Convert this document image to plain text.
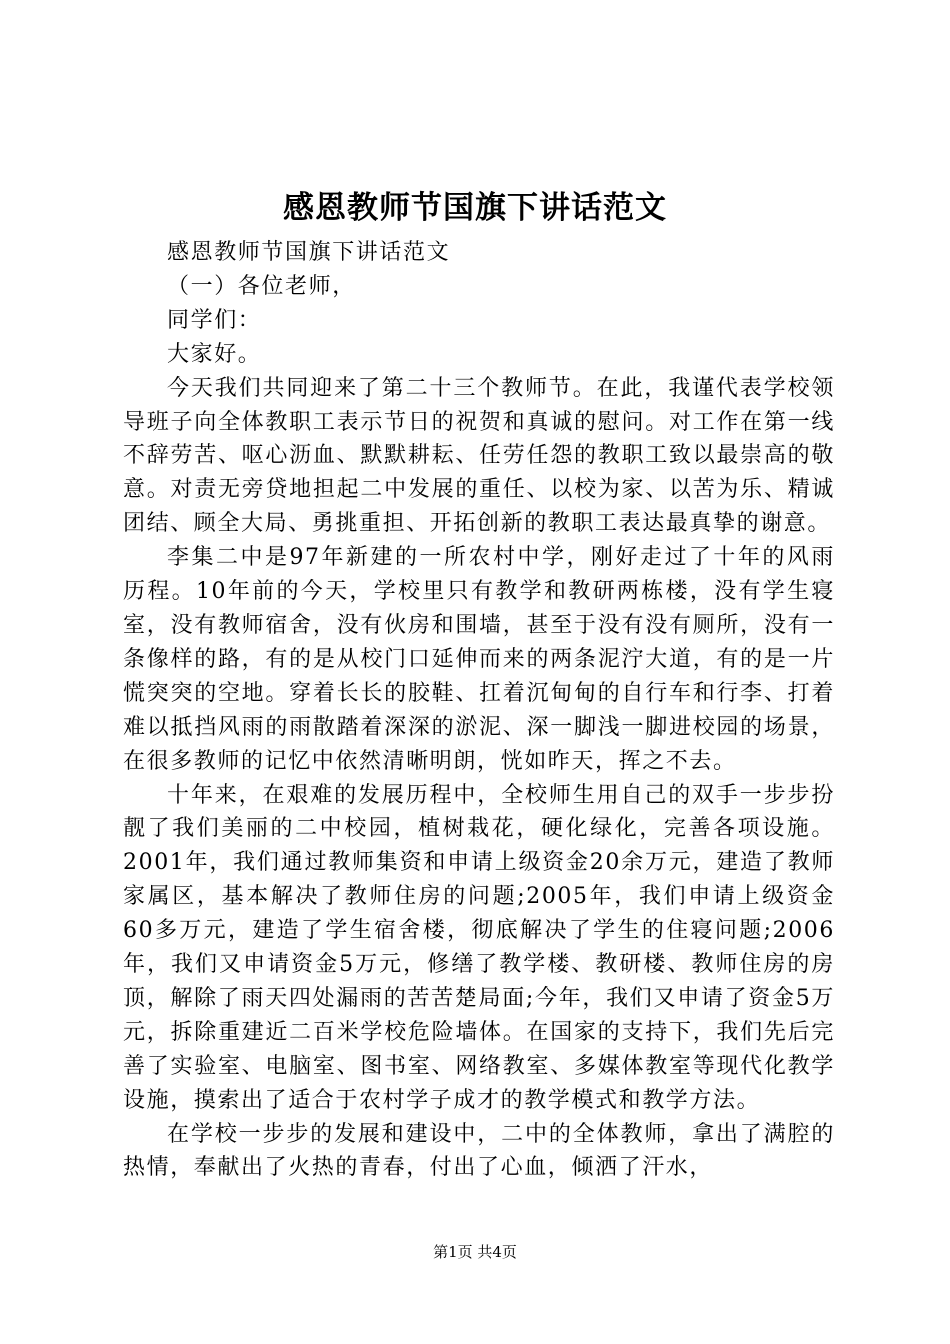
感恩教师节国旗下讲话范文

感恩教师节国旗下讲话范文

（一）各位老师，

同学们：

大家好。

今天我们共同迎来了第二十三个教师节。在此，我谨代表学校领导班子向全体教职工表示节日的祝贺和真诚的慰问。对工作在第一线不辞劳苦、呕心沥血、默默耕耘、任劳任怨的教职工致以最崇高的敬意。对责无旁贷地担起二中发展的重任、以校为家、以苦为乐、精诚团结、顾全大局、勇挑重担、开拓创新的教职工表达最真挚的谢意。

李集二中是97年新建的一所农村中学，刚好走过了十年的风雨历程。10年前的今天，学校里只有教学和教研两栋楼，没有学生寝室，没有教师宿舍，没有伙房和围墙，甚至于没有没有厕所，没有一条像样的路，有的是从校门口延伸而来的两条泥泞大道，有的是一片慌突突的空地。穿着长长的胶鞋、扛着沉甸甸的自行车和行李、打着难以抵挡风雨的雨散踏着深深的淤泥、深一脚浅一脚进校园的场景，在很多教师的记忆中依然清晰明朗，恍如昨天，挥之不去。

十年来，在艰难的发展历程中，全校师生用自己的双手一步步扮靓了我们美丽的二中校园，植树栽花，硬化绿化，完善各项设施。2001年，我们通过教师集资和申请上级资金20余万元，建造了教师家属区，基本解决了教师住房的问题;2005年，我们申请上级资金60多万元，建造了学生宿舍楼，彻底解决了学生的住寝问题;2006年，我们又申请资金5万元，修缮了教学楼、教研楼、教师住房的房顶，解除了雨天四处漏雨的苦苦楚局面;今年，我们又申请了资金5万元，拆除重建近二百米学校危险墙体。在国家的支持下，我们先后完善了实验室、电脑室、图书室、网络教室、多媒体教室等现代化教学设施，摸索出了适合于农村学子成才的教学模式和教学方法。

在学校一步步的发展和建设中，二中的全体教师，拿出了满腔的热情，奉献出了火热的青春，付出了心血，倾洒了汗水，

第1页 共4页
